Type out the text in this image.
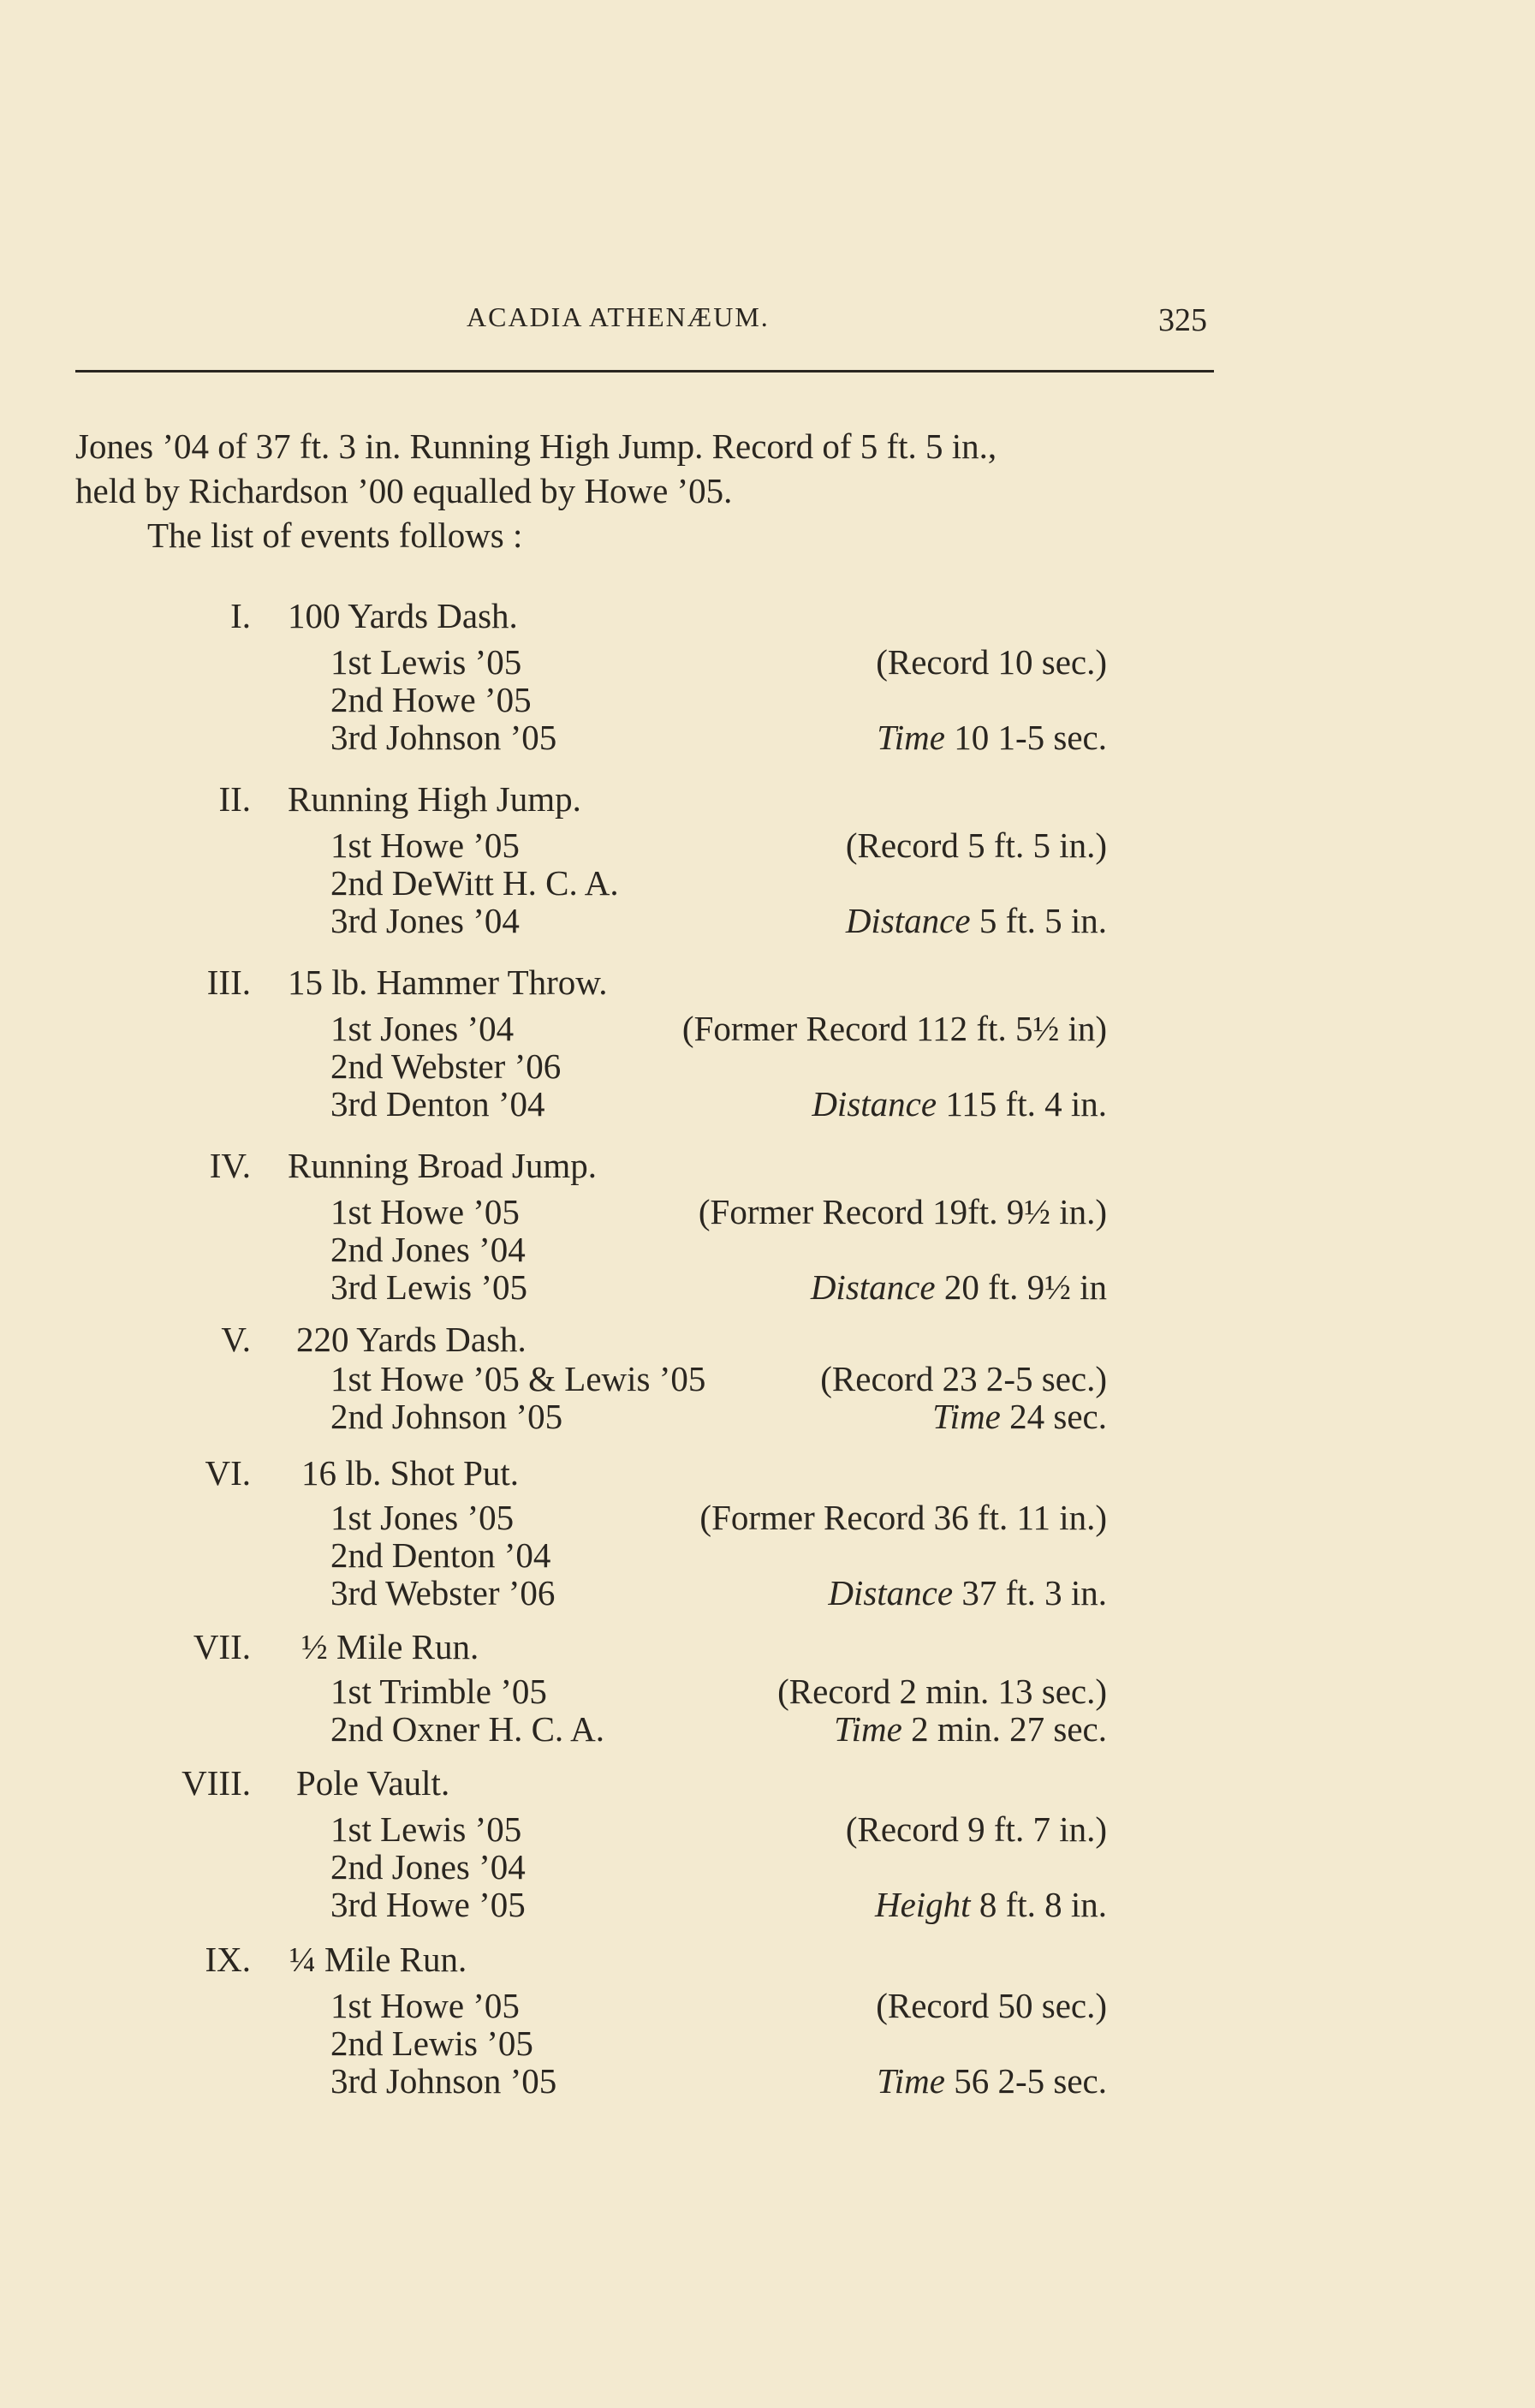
ACADIA ATHENÆUM.	325

Jones ’04 of 37 ft. 3 in. Running High Jump. Record of 5 ft. 5 in.,

held by Richardson ’00 equalled by Howe ’05.

The list of events follows :

I. 100 Yards Dash.
1st Lewis ’05
2nd Howe ’05
3rd Johnson ’05
(Record 10 sec.)
Time 10 1-5 sec.
II. Running High Jump.
1st Howe ’05
2nd DeWitt H. C. A.
3rd Jones ’04
(Record 5 ft. 5 in.)
Distance 5 ft. 5 in.
III. 15 lb. Hammer Throw.
1st Jones ’04
2nd Webster ’06
3rd Denton ’04
(Former Record 112 ft. 5½ in)
Distance 115 ft. 4 in.
IV. Running Broad Jump.
1st Howe ’05
2nd Jones ’04
3rd Lewis ’05
(Former Record 19ft. 9½ in.)
Distance 20 ft. 9½ in
V. 220 Yards Dash.
1st Howe ’05 & Lewis ’05
2nd Johnson ’05
(Record 23 2-5 sec.)
Time 24 sec.
VI. 16 lb. Shot Put.
1st Jones ’05
2nd Denton ’04
3rd Webster ’06
(Former Record 36 ft. 11 in.)
Distance 37 ft. 3 in.
VII. ½ Mile Run.
1st Trimble ’05
2nd Oxner H. C. A.
(Record 2 min. 13 sec.)
Time 2 min. 27 sec.
VIII. Pole Vault.
1st Lewis ’05
2nd Jones ’04
3rd Howe ’05
(Record 9 ft. 7 in.)
Height 8 ft. 8 in.
IX. ¼ Mile Run.
1st Howe ’05
2nd Lewis ’05
3rd Johnson ’05
(Record 50 sec.)
Time 56 2-5 sec.
